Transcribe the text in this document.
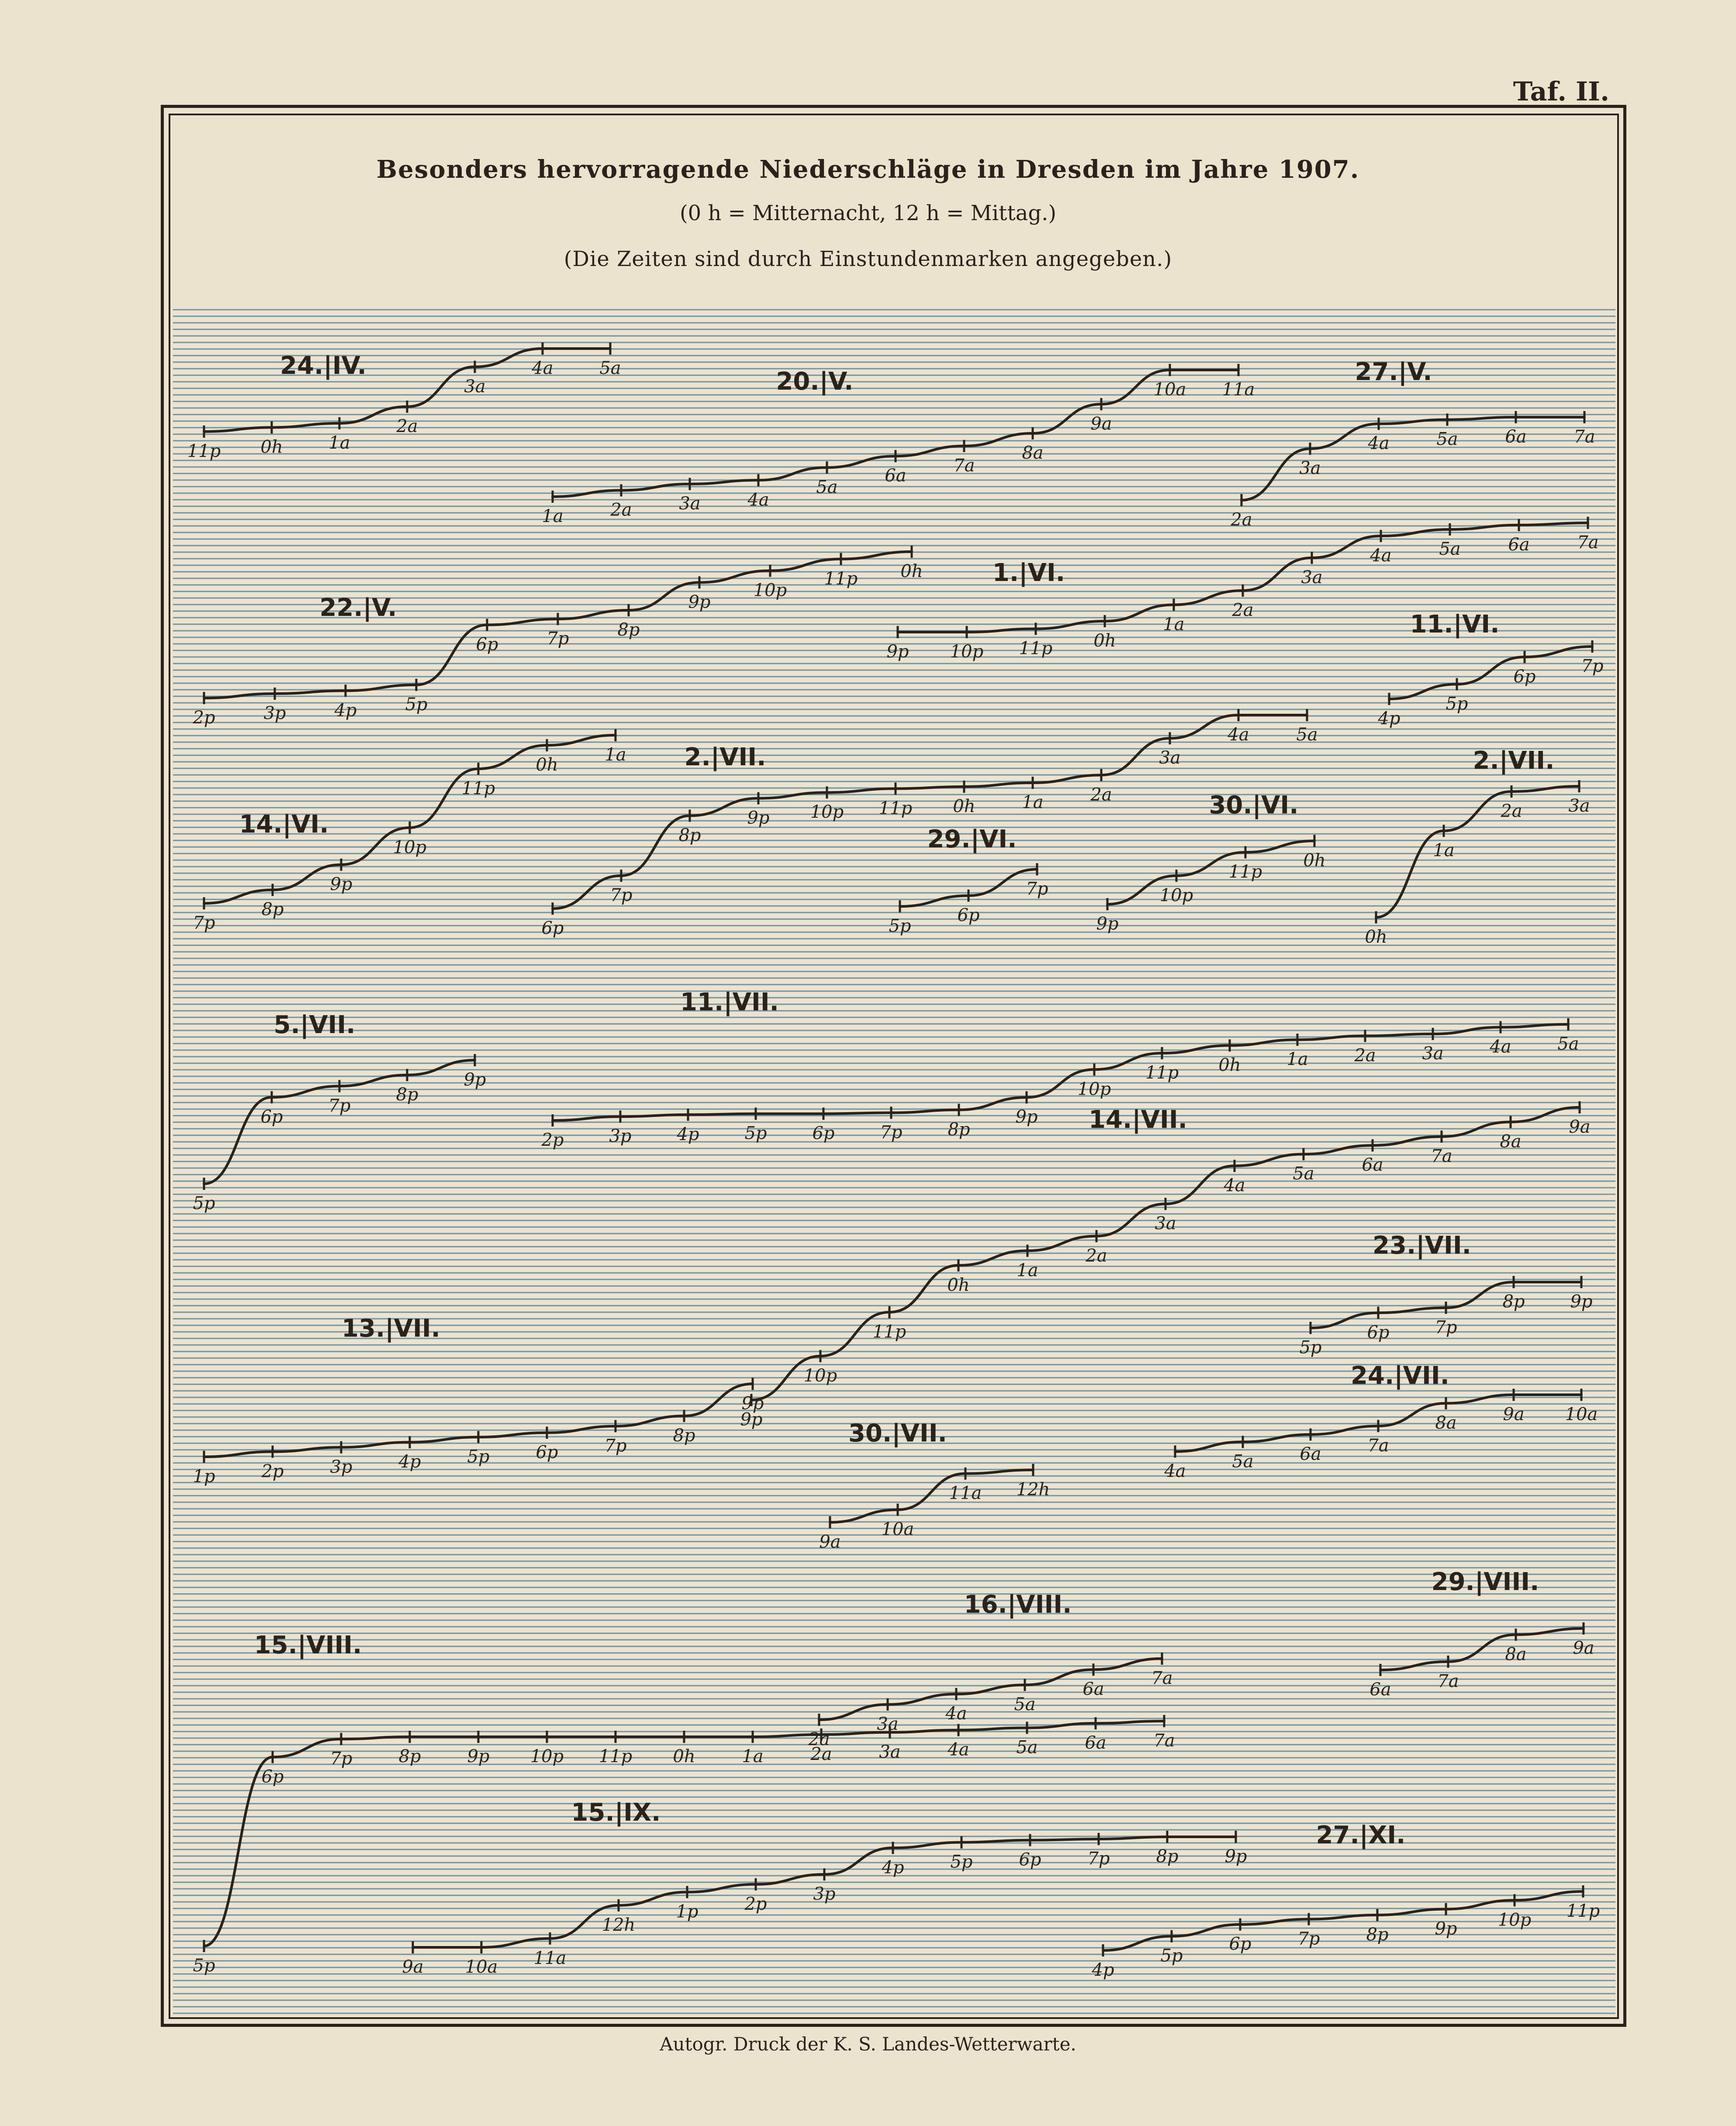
Taf. II.
Besonders hervorragende Niederschläge in Dresden im Jahre 1907.
(0 h = Mitternacht, 12 h = Mittag.)
(Die Zeiten sind durch Einstundenmarken angegeben.)
11p 0h	1a
2a
3a
4a	5a
24.|IV.
1a	2a	3a	4a
5a
6a
7a
8a
9a
10a 11a
20.|V.
2a
3a
4a	5a	6a	7a
27.|V.
2p	3p	4p	5p
6p	7p	8p
9p
10p
11p 0h
22.|V.
9p 10p 11p 0h
1a
2a
3a
4a	5a	6a	7a
1.|VI.
4p
5p
6p
7p
11.|VI.
7p
8p
9p
10p
11p
0h
1a
14.|VI.
6p
7p
8p
9p 10p 11p 0h	1a	2a
3a
4a	5a
2.|VII.
0h
1a
2a	3a
2.|VII.
5p
6p
7p
29.|VI.
9p
10p
11p
0h
30.|VI.
5p
6p
7p
8p
9p
5.|VII.
2p	3p	4p	5p	6p	7p	8p
9p
10p
11p 0h	1a	2a	3a	4a	5a
11.|VII.
9p
10p
11p
0h
1a
2a
3a
4a
5a	6a	7a
8a
9a
14.|VII.
1p	2p	3p	4p	5p	6p	7p
8p
9p
13.|VII.
5p
6p	7p
8p	9p
23.|VII.
4a	5a	6a	7a
8a	9a 10a
24.|VII.
9a
10a
11a 12h
30.|VII.
5p
6p
7p	8p	9p 10p 11p 0h	1a	2a	3a	4a	5a	6a	7a
15.|VIII.
2a
3a
4a	5a
6a
7a
16.|VIII.
6a	7a
8a	9a
29.|VIII.
9a 10a 11a
12h
1p	2p	3p
4p	5p	6p	7p	8p	9p
15.|IX.
4p
5p
6p	7p	8p	9p 10p 11p
27.|XI.
Autogr. Druck der K. S. Landes-Wetterwarte.
